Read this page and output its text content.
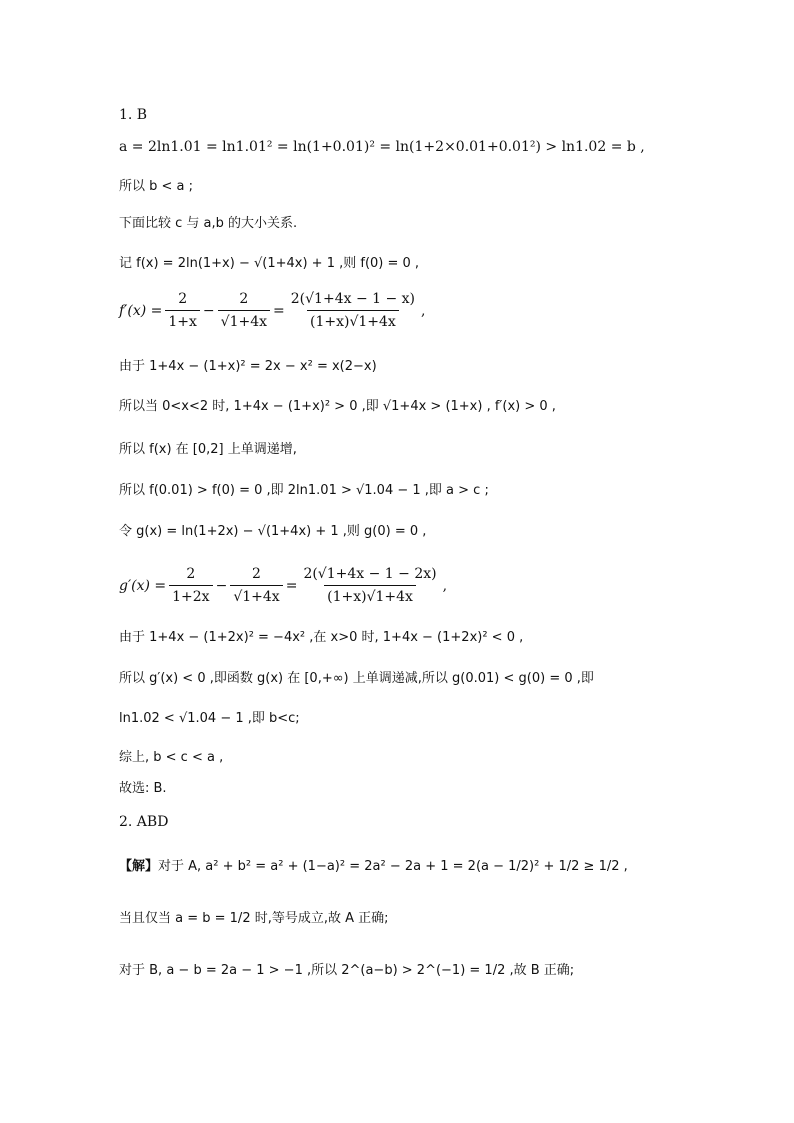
1. B
a = 2ln1.01 = ln1.01² = ln(1+0.01)² = ln(1+2×0.01+0.01²) > ln1.02 = b ,
所以 b < a ;
下面比较 c 与 a,b 的大小关系.
记 f(x) = 2ln(1+x) − √(1+4x) + 1 ,则 f(0) = 0 ,
$f'(x) = \frac{2}{1+x} - \frac{2}{√1+4x} = \frac{2(√1+4x - 1 - x)}{(1+x)√1+4x}$ ,
由于 1+4x − (1+x)² = 2x − x² = x(2−x)
所以当 0<x<2 时, 1+4x − (1+x)² > 0 ,即 √1+4x > (1+x) , f′(x) > 0 ,
所以 f(x) 在 [0,2] 上单调递增,
所以 f(0.01) > f(0) = 0 ,即 2ln1.01 > √1.04 − 1 ,即 a > c ;
令 g(x) = ln(1+2x) − √(1+4x) + 1 ,则 g(0) = 0 ,
$g'(x) = \frac{2}{1+2x} - \frac{2}{√1+4x} = \frac{2(√1+4x - 1 - 2x)}{(1+x)√1+4x}$ ,
由于 1+4x − (1+2x)² = −4x² ,在 x>0 时, 1+4x − (1+2x)² < 0 ,
所以 g′(x) < 0 ,即函数 g(x) 在 [0,+∞) 上单调递减,所以 g(0.01) < g(0) = 0 ,即
ln1.02 < √1.04 − 1 ,即 b<c;
综上, b < c < a ,
故选: B.
2. ABD
【解】 对于 A, a² + b² = a² + (1−a)² = 2a² − 2a + 1 = 2(a − 1/2)² + 1/2 ≥ 1/2 ,
当且仅当 a = b = 1/2 时,等号成立,故 A 正确;
对于 B, a − b = 2a − 1 > −1 ,所以 2^(a−b) > 2^(−1) = 1/2 ,故 B 正确;
